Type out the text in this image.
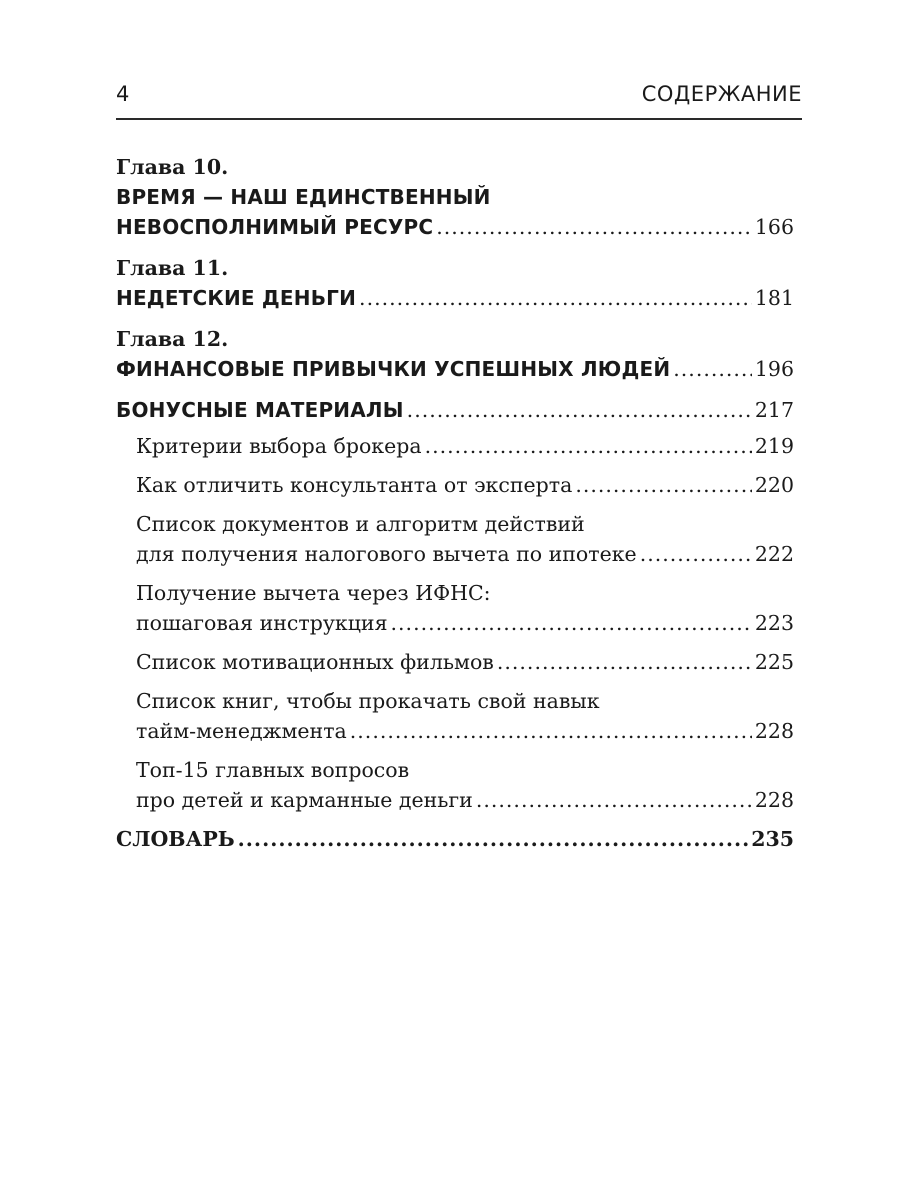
4	СОДЕРЖАНИЕ
Глава 10.
ВРЕМЯ — НАШ ЕДИНСТВЕННЫЙ
НЕВОСПОЛНИМЫЙ РЕСУРС .....	166
Глава 11.
НЕДЕТСКИЕ ДЕНЬГИ .....	181
Глава 12.
ФИНАНСОВЫЕ ПРИВЫЧКИ УСПЕШНЫХ ЛЮДЕЙ .....	196
БОНУСНЫЕ МАТЕРИАЛЫ .....	217
Критерии выбора брокера .....	219
Как отличить консультанта от эксперта .....	220
Список документов и алгоритм действий
для получения налогового вычета по ипотеке .....	222
Получение вычета через ИФНС:
пошаговая инструкция .....	223
Список мотивационных фильмов .....	225
Список книг, чтобы прокачать свой навык
тайм-менеджмента .....	228
Топ-15 главных вопросов
про детей и карманные деньги .....	228
СЛОВАРЬ .....	235
